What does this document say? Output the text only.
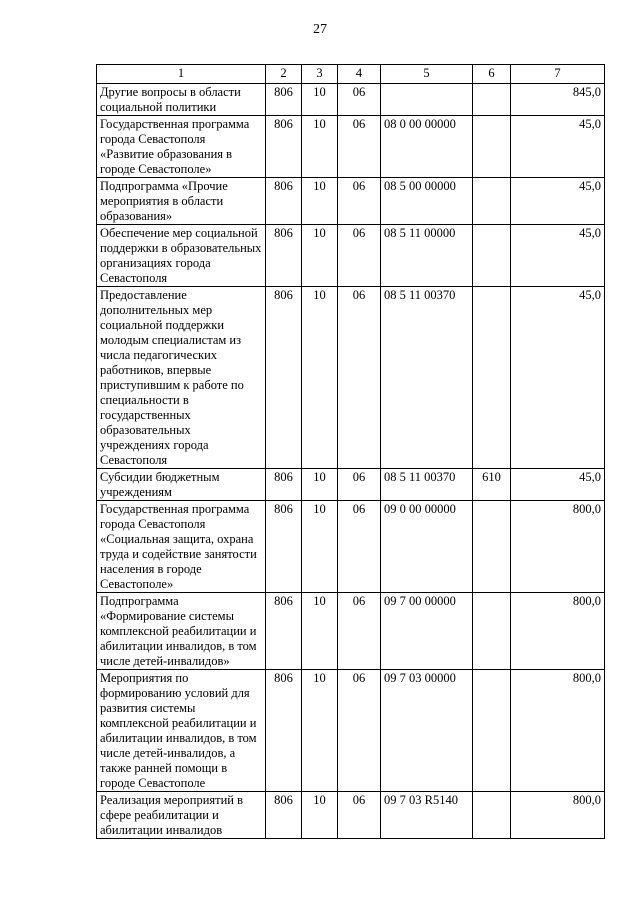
27
1	2	3	4	5	6	7
Другие вопросы в области социальной политики	806	10	06			845,0
Государственная программа города Севастополя «Развитие образования в городе Севастополе»	806	10	06	08 0 00 00000		45,0
Подпрограмма «Прочие мероприятия в области образования»	806	10	06	08 5 00 00000		45,0
Обеспечение мер социальной поддержки в образовательных организациях города Севастополя	806	10	06	08 5 11 00000		45,0
Предоставление дополнительных мер социальной поддержки молодым специалистам из числа педагогических работников, впервые приступившим к работе по специальности в государственных образовательных учреждениях города Севастополя	806	10	06	08 5 11 00370		45,0
Субсидии бюджетным учреждениям	806	10	06	08 5 11 00370	610	45,0
Государственная программа города Севастополя «Социальная защита, охрана труда и содействие занятости населения в городе Севастополе»	806	10	06	09 0 00 00000		800,0
Подпрограмма «Формирование системы комплексной реабилитации и абилитации инвалидов, в том числе детей-инвалидов»	806	10	06	09 7 00 00000		800,0
Мероприятия по формированию условий для развития системы комплексной реабилитации и абилитации инвалидов, в том числе детей-инвалидов, а также ранней помощи в городе Севастополе	806	10	06	09 7 03 00000		800,0
Реализация мероприятий в сфере реабилитации и абилитации инвалидов	806	10	06	09 7 03 R5140		800,0
